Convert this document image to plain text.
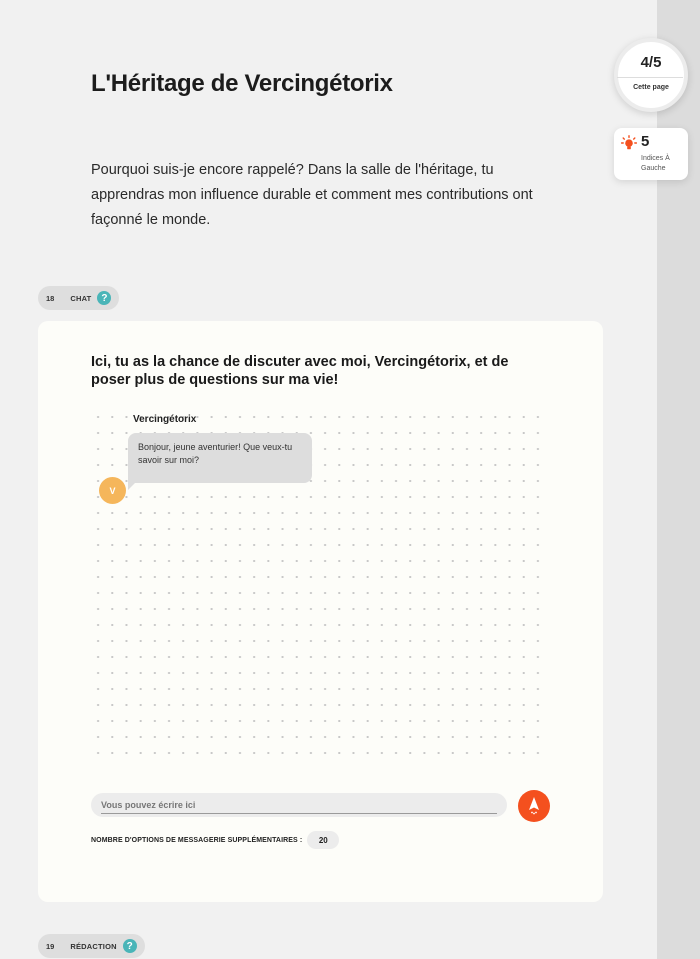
L'Héritage de Vercingétorix

Pourquoi suis-je encore rappelé? Dans la salle de l'héritage, tu apprendras mon influence durable et comment mes contributions ont façonné le monde.

4/5
Cette page
5
Indices À Gauche
18 CHAT ?
Ici, tu as la chance de discuter avec moi, Vercingétorix, et de poser plus de questions sur ma vie!
Vercingétorix
Bonjour, jeune aventurier! Que veux-tu savoir sur moi?
V
Vous pouvez écrire ici
NOMBRE D'OPTIONS DE MESSAGERIE SUPPLÉMENTAIRES :	20
19 RÉDACTION ?
